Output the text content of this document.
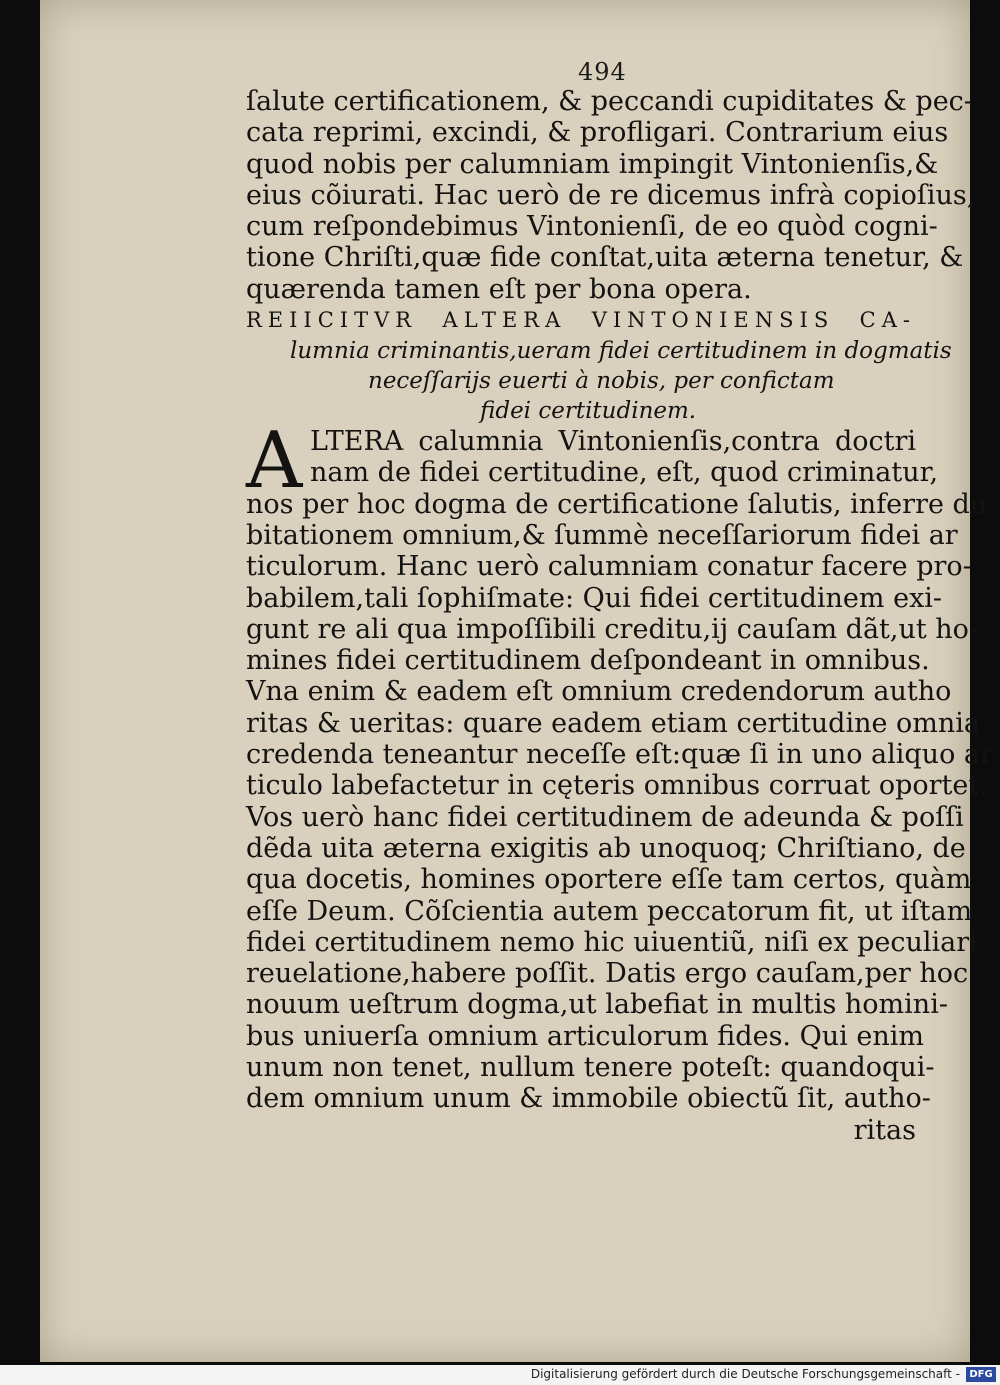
494
ſalute certificationem, & peccandi cupiditates & pec-
cata reprimi, excindi, & profligari. Contrarium eius
quod nobis per calumniam impingit Vintonienſis,&
eius cõiurati. Hac uerò de re dicemus infrà copioſius,
cum reſpondebimus Vintonienſi, de eo quòd cogni-
tione Chriſti,quæ fide conſtat,uita æterna tenetur, &
quærenda tamen eſt per bona opera.
REIICITVR ALTERA VINTONIENSIS CA-
lumnia criminantis,ueram fidei certitudinem in dogmatis
neceſſarijs euerti à nobis, per confictam
fidei certitudinem.
A LTERA calumnia Vintonienſis,contra doctri
nam de fidei certitudine, eſt, quod criminatur,
nos per hoc dogma de certificatione ſalutis, inferre du
bitationem omnium,& ſummè neceſſariorum fidei ar
ticulorum. Hanc uerò calumniam conatur facere pro-
babilem,tali ſophiſmate: Qui fidei certitudinem exi-
gunt re ali qua impoſſibili creditu,ij cauſam dãt,ut ho-
mines fidei certitudinem deſpondeant in omnibus.
Vna enim & eadem eſt omnium credendorum autho
ritas & ueritas: quare eadem etiam certitudine omnia
credenda teneantur neceſſe eſt:quæ ſi in uno aliquo ar
ticulo labefactetur in cęteris omnibus corruat oportet.
Vos uerò hanc fidei certitudinem de adeunda & poſſi
dẽda uita æterna exigitis ab unoquoq; Chriſtiano, de
qua docetis, homines oportere eſſe tam certos, quàm
eſſe Deum. Cõſcientia autem peccatorum fit, ut iſtam
fidei certitudinem nemo hic uiuentiũ, niſi ex peculiari
reuelatione,habere poſſit. Datis ergo cauſam,per hoc
nouum ueſtrum dogma,ut labefiat in multis homini-
bus uniuerſa omnium articulorum fides. Qui enim
unum non tenet, nullum tenere poteſt: quandoqui-
dem omnium unum & immobile obiectũ ſit, autho-
ritas
Digitalisierung gefördert durch die Deutsche Forschungsgemeinschaft - DFG
